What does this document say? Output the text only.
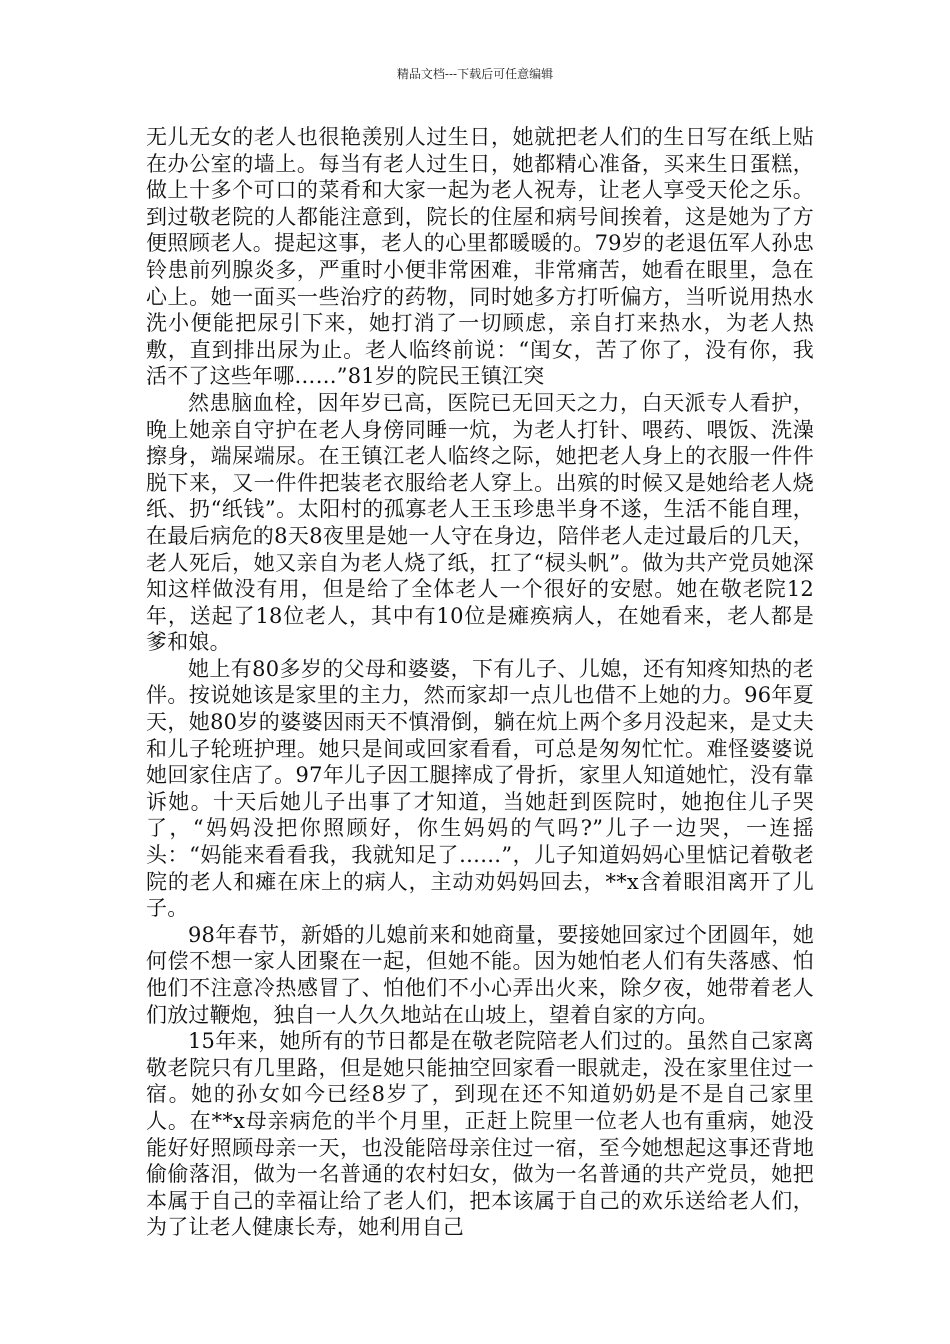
精品文档---下载后可任意编辑

无儿无女的老人也很艳羡别人过生日，她就把老人们的生日写在纸上贴在办公室的墙上。每当有老人过生日，她都精心准备，买来生日蛋糕，做上十多个可口的菜肴和大家一起为老人祝寿，让老人享受天伦之乐。到过敬老院的人都能注意到，院长的住屋和病号间挨着，这是她为了方便照顾老人。提起这事，老人的心里都暖暖的。79岁的老退伍军人孙忠铃患前列腺炎多，严重时小便非常困难，非常痛苦，她看在眼里，急在心上。她一面买一些治疗的药物，同时她多方打听偏方，当听说用热水洗小便能把尿引下来，她打消了一切顾虑，亲自打来热水，为老人热敷，直到排出尿为止。老人临终前说：“闺女，苦了你了，没有你，我活不了这些年哪……”81岁的院民王镇江突

然患脑血栓，因年岁已高，医院已无回天之力，白天派专人看护，晚上她亲自守护在老人身傍同睡一炕，为老人打针、喂药、喂饭、洗澡擦身，端屎端尿。在王镇江老人临终之际，她把老人身上的衣服一件件脱下来，又一件件把装老衣服给老人穿上。出殡的时候又是她给老人烧纸、扔“纸钱”。太阳村的孤寡老人王玉珍患半身不遂，生活不能自理，在最后病危的8天8夜里是她一人守在身边，陪伴老人走过最后的几天，老人死后，她又亲自为老人烧了纸，扛了“棂头帆”。做为共产党员她深知这样做没有用，但是给了全体老人一个很好的安慰。她在敬老院12年，送起了18位老人，其中有10位是瘫痪病人，在她看来，老人都是爹和娘。

她上有80多岁的父母和婆婆，下有儿子、儿媳，还有知疼知热的老伴。按说她该是家里的主力，然而家却一点儿也借不上她的力。96年夏天，她80岁的婆婆因雨天不慎滑倒，躺在炕上两个多月没起来，是丈夫和儿子轮班护理。她只是间或回家看看，可总是匆匆忙忙。难怪婆婆说她回家住店了。97年儿子因工腿摔成了骨折，家里人知道她忙，没有靠诉她。十天后她儿子出事了才知道，当她赶到医院时，她抱住儿子哭了，“妈妈没把你照顾好，你生妈妈的气吗?”儿子一边哭，一连摇头：“妈能来看看我，我就知足了……”，儿子知道妈妈心里惦记着敬老院的老人和瘫在床上的病人，主动劝妈妈回去，**x含着眼泪离开了儿子。

98年春节，新婚的儿媳前来和她商量，要接她回家过个团圆年，她何偿不想一家人团聚在一起，但她不能。因为她怕老人们有失落感、怕他们不注意冷热感冒了、怕他们不小心弄出火来，除夕夜，她带着老人们放过鞭炮，独自一人久久地站在山坡上，望着自家的方向。

15年来，她所有的节日都是在敬老院陪老人们过的。虽然自己家离敬老院只有几里路，但是她只能抽空回家看一眼就走，没在家里住过一宿。她的孙女如今已经8岁了，到现在还不知道奶奶是不是自己家里人。在**x母亲病危的半个月里，正赶上院里一位老人也有重病，她没能好好照顾母亲一天，也没能陪母亲住过一宿，至今她想起这事还背地偷偷落泪，做为一名普通的农村妇女，做为一名普通的共产党员，她把本属于自己的幸福让给了老人们，把本该属于自己的欢乐送给老人们，为了让老人健康长寿，她利用自己
